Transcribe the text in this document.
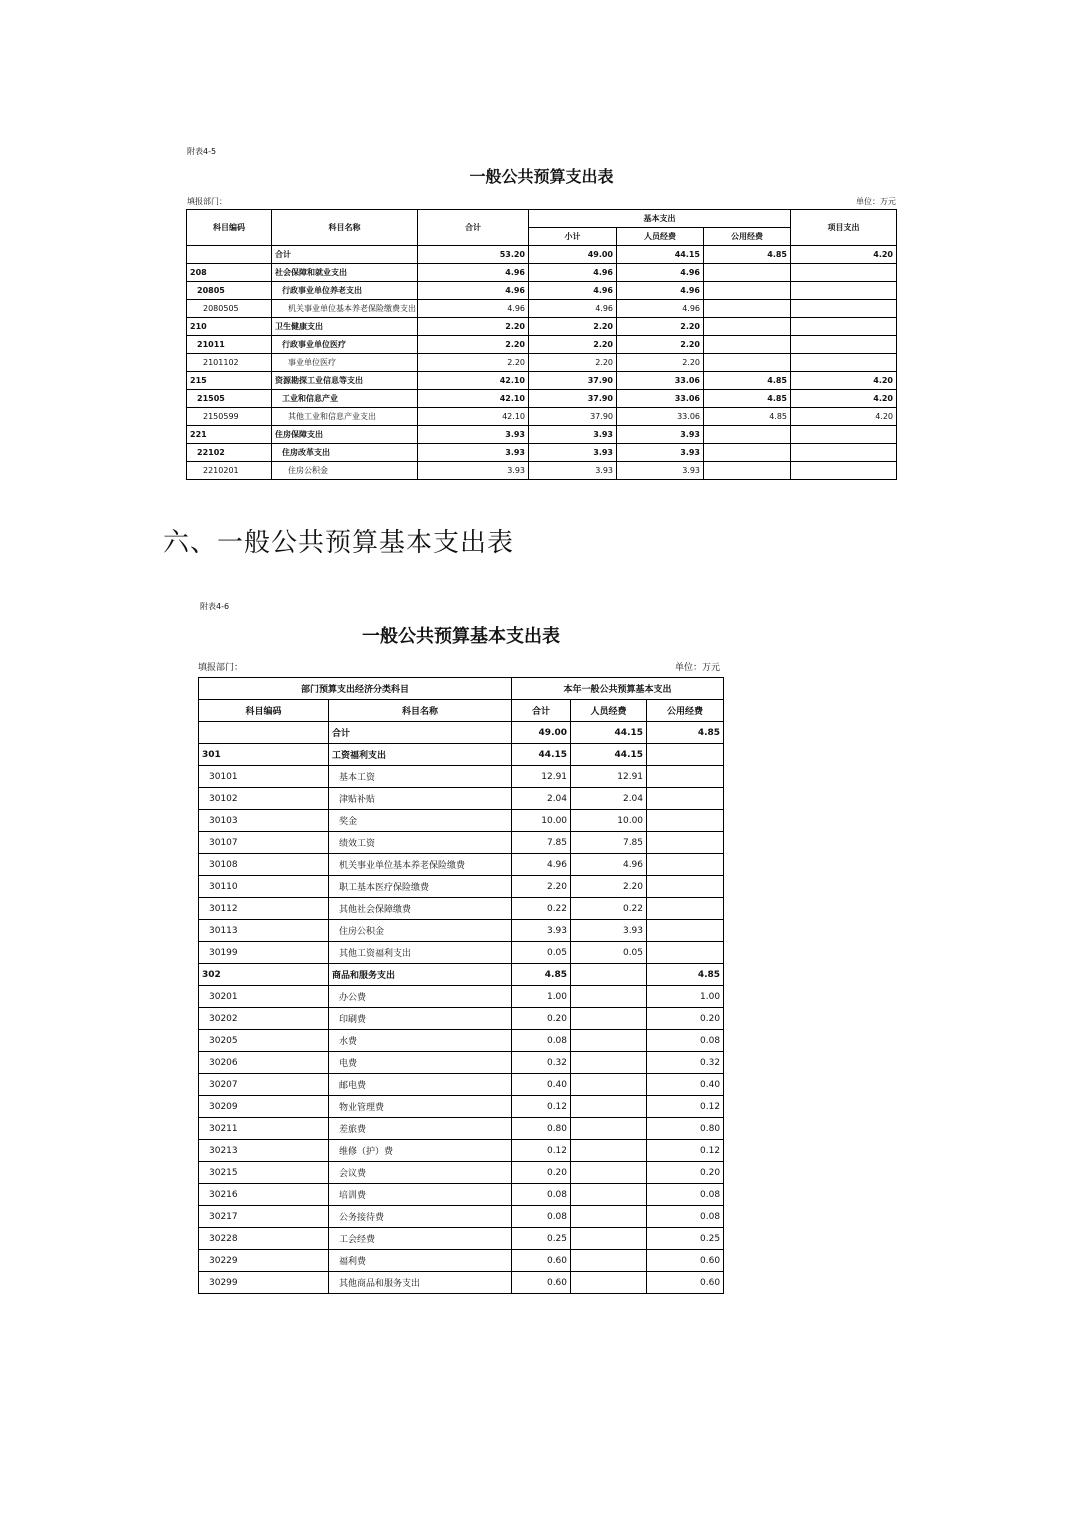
附表4-5
一般公共预算支出表
填报部门：	单位：万元
科目编码	科目名称	合计	基本支出			项目支出
			小计	人员经费	公用经费	
	合计	53.20	49.00	44.15	4.85	4.20
208	社会保障和就业支出	4.96	4.96	4.96		
20805	行政事业单位养老支出	4.96	4.96	4.96		
2080505	机关事业单位基本养老保险缴费支出	4.96	4.96	4.96		
210	卫生健康支出	2.20	2.20	2.20		
21011	行政事业单位医疗	2.20	2.20	2.20		
2101102	事业单位医疗	2.20	2.20	2.20		
215	资源勘探工业信息等支出	42.10	37.90	33.06	4.85	4.20
21505	工业和信息产业	42.10	37.90	33.06	4.85	4.20
2150599	其他工业和信息产业支出	42.10	37.90	33.06	4.85	4.20
221	住房保障支出	3.93	3.93	3.93		
22102	住房改革支出	3.93	3.93	3.93		
2210201	住房公积金	3.93	3.93	3.93		
六、一般公共预算基本支出表
附表4-6
一般公共预算基本支出表
填报部门：	单位：万元
部门预算支出经济分类科目		本年一般公共预算基本支出		
科目编码	科目名称	合计	人员经费	公用经费
	合计	49.00	44.15	4.85
301	工资福利支出	44.15	44.15	
30101	基本工资	12.91	12.91	
30102	津贴补贴	2.04	2.04	
30103	奖金	10.00	10.00	
30107	绩效工资	7.85	7.85	
30108	机关事业单位基本养老保险缴费	4.96	4.96	
30110	职工基本医疗保险缴费	2.20	2.20	
30112	其他社会保障缴费	0.22	0.22	
30113	住房公积金	3.93	3.93	
30199	其他工资福利支出	0.05	0.05	
302	商品和服务支出	4.85		4.85
30201	办公费	1.00		1.00
30202	印刷费	0.20		0.20
30205	水费	0.08		0.08
30206	电费	0.32		0.32
30207	邮电费	0.40		0.40
30209	物业管理费	0.12		0.12
30211	差旅费	0.80		0.80
30213	维修（护）费	0.12		0.12
30215	会议费	0.20		0.20
30216	培训费	0.08		0.08
30217	公务接待费	0.08		0.08
30228	工会经费	0.25		0.25
30229	福利费	0.60		0.60
30299	其他商品和服务支出	0.60		0.60
